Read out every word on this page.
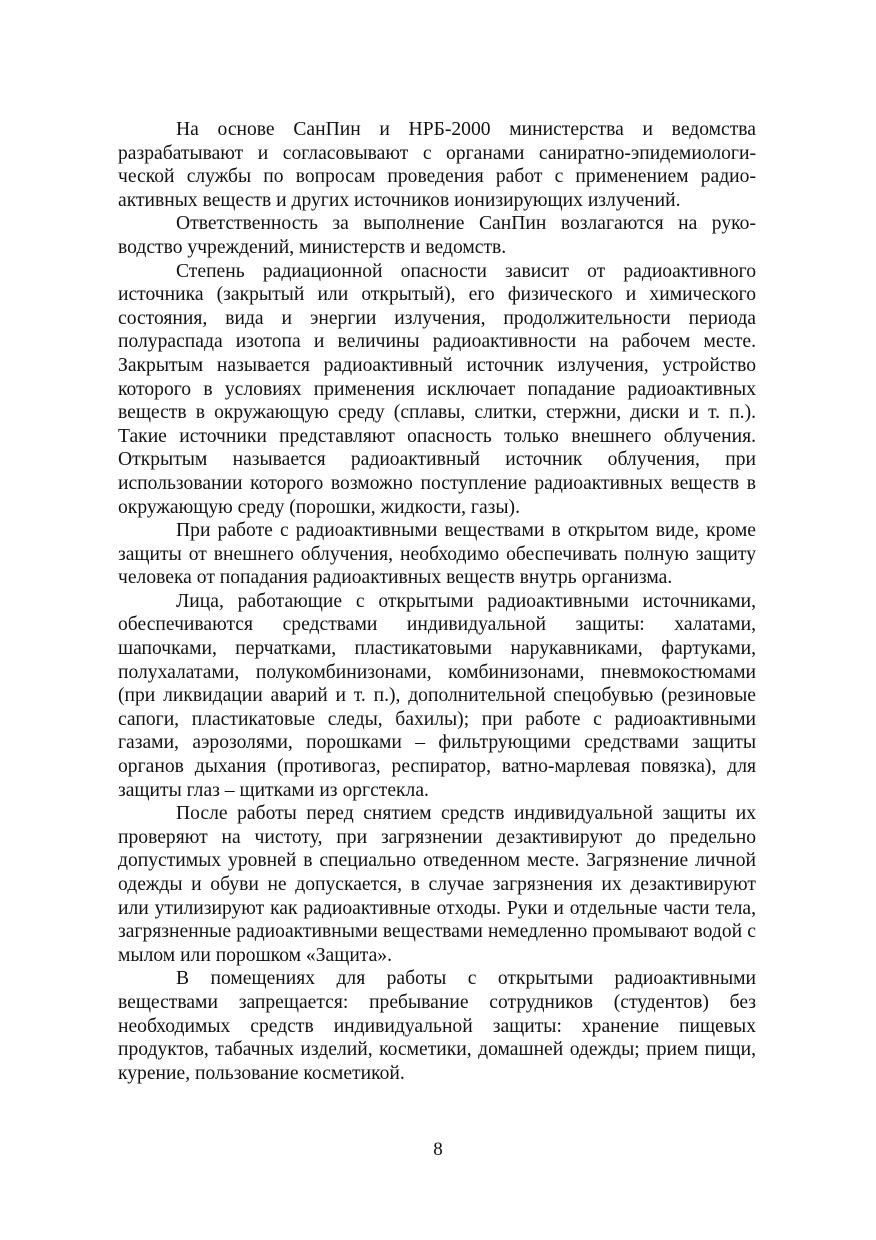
На основе СанПин и НРБ-2000 министерства и ведомства разрабатывают и согласовывают с органами саниратно-эпидемиологической службы по вопросам проведения работ с применением радиоактивных веществ и других источников ионизирующих излучений.

Ответственность за выполнение СанПин возлагаются на руководство учреждений, министерств и ведомств.

Степень радиационной опасности зависит от радиоактивного источника (закрытый или открытый), его физического и химического состояния, вида и энергии излучения, продолжительности периода полураспада изотопа и величины радиоактивности на рабочем месте. Закрытым называется радиоактивный источник излучения, устройство которого в условиях применения исключает попадание радиоактивных веществ в окружающую среду (сплавы, слитки, стержни, диски и т. п.). Такие источники представляют опасность только внешнего облучения. Открытым называется радиоактивный источник облучения, при использовании которого возможно поступление радиоактивных веществ в окружающую среду (порошки, жидкости, газы).

При работе с радиоактивными веществами в открытом виде, кроме защиты от внешнего облучения, необходимо обеспечивать полную защиту человека от попадания радиоактивных веществ внутрь организма.

Лица, работающие с открытыми радиоактивными источниками, обеспечиваются средствами индивидуальной защиты: халатами, шапочками, перчатками, пластикатовыми нарукавниками, фартуками, полухалатами, полукомбинизонами, комбинизонами, пневмокостюмами (при ликвидации аварий и т. п.), дополнительной спецобувью (резиновые сапоги, пластикатовые следы, бахилы); при работе с радиоактивными газами, аэрозолями, порошками – фильтрующими средствами защиты органов дыхания (противогаз, респиратор, ватно-марлевая повязка), для защиты глаз – щитками из оргстекла.

После работы перед снятием средств индивидуальной защиты их проверяют на чистоту, при загрязнении дезактивируют до предельно допустимых уровней в специально отведенном месте. Загрязнение личной одежды и обуви не допускается, в случае загрязнения их дезактивируют или утилизируют как радиоактивные отходы. Руки и отдельные части тела, загрязненные радиоактивными веществами немедленно промывают водой с мылом или порошком «Защита».

В помещениях для работы с открытыми радиоактивными веществами запрещается: пребывание сотрудников (студентов) без необходимых средств индивидуальной защиты: хранение пищевых продуктов, табачных изделий, косметики, домашней одежды; прием пищи, курение, пользование косметикой.

8
